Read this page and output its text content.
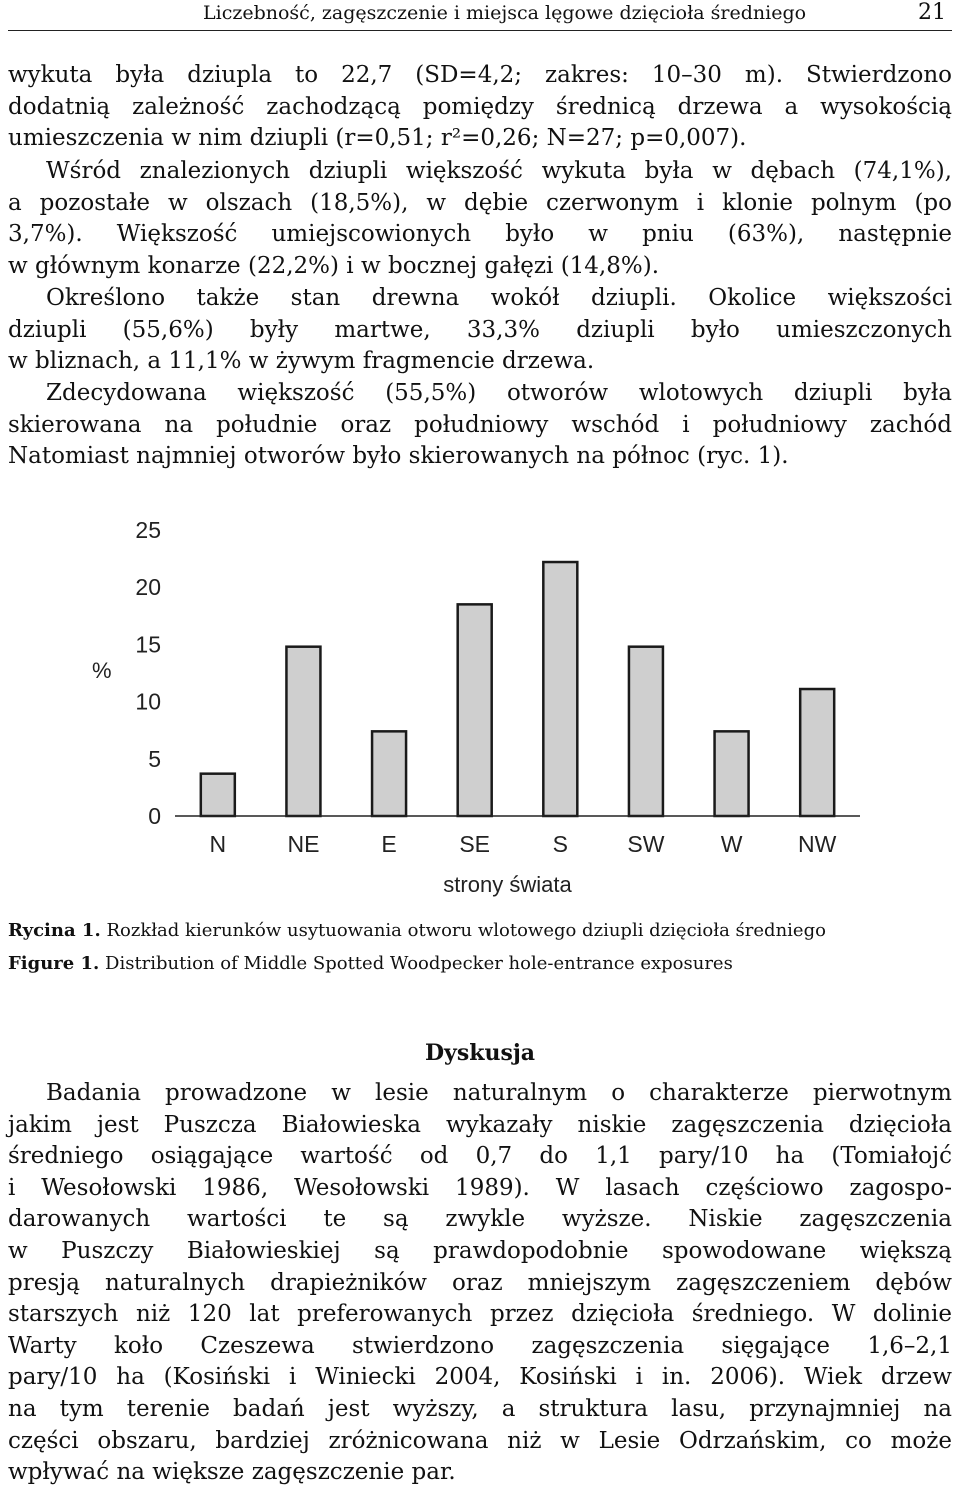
Liczebność, zagęszczenie i miejsca lęgowe dzięcioła średniego	21

wykuta była dziupla to 22,7 (SD=4,2; zakres: 10–30 m). Stwierdzono
dodatnią zależność zachodzącą pomiędzy średnicą drzewa a wysokością
umieszczenia w nim dziupli (r=0,51; r²=0,26; N=27; p=0,007).

Wśród znalezionych dziupli większość wykuta była w dębach (74,1%),
a pozostałe w olszach (18,5%), w dębie czerwonym i klonie polnym (po
3,7%). Większość umiejscowionych było w pniu (63%), następnie
w głównym konarze (22,2%) i w bocznej gałęzi (14,8%).

Określono także stan drewna wokół dziupli. Okolice większości
dziupli (55,6%) były martwe, 33,3% dziupli było umieszczonych
w bliznach, a 11,1% w żywym fragmencie drzewa.

Zdecydowana większość (55,5%) otworów wlotowych dziupli była
skierowana na południe oraz południowy wschód i południowy zachód
Natomiast najmniej otworów było skierowanych na północ (ryc. 1).

0
5
10
15
20
25
N	NE	E	SE	S	SW W NW
%
strony świata
Rycina 1. Rozkład kierunków usytuowania otworu wlotowego dziupli dzięcioła średniego
Figure 1. Distribution of Middle Spotted Woodpecker hole-entrance exposures
Dyskusja

Badania prowadzone w lesie naturalnym o charakterze pierwotnym
jakim jest Puszcza Białowieska wykazały niskie zagęszczenia dzięcioła
średniego osiągające wartość od 0,7 do 1,1 pary/10 ha (Tomiałojć
i Wesołowski 1986, Wesołowski 1989). W lasach częściowo zagospo-
darowanych wartości te są zwykle wyższe. Niskie zagęszczenia
w Puszczy Białowieskiej są prawdopodobnie spowodowane większą
presją naturalnych drapieżników oraz mniejszym zagęszczeniem dębów
starszych niż 120 lat preferowanych przez dzięcioła średniego. W dolinie
Warty koło Czeszewa stwierdzono zagęszczenia sięgające 1,6–2,1
pary/10 ha (Kosiński i Winiecki 2004, Kosiński i in. 2006). Wiek drzew
na tym terenie badań jest wyższy, a struktura lasu, przynajmniej na
części obszaru, bardziej zróżnicowana niż w Lesie Odrzańskim, co może
wpływać na większe zagęszczenie par.
